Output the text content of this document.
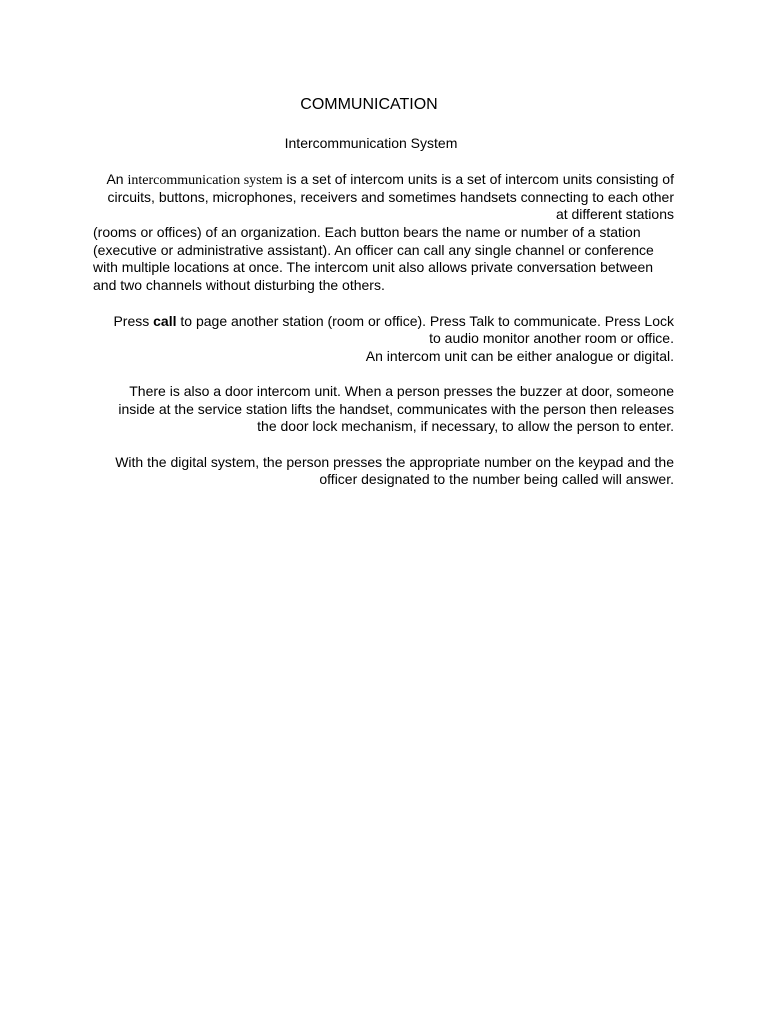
COMMUNICATION
Intercommunication System

An intercommunication system is a set of intercom units is a set of intercom units consisting of

circuits, buttons, microphones, receivers and sometimes handsets connecting to each other

at different stations

(rooms or offices) of an organization. Each button bears the name or number of a station

(executive or administrative assistant). An officer can call any single channel or conference

with multiple locations at once. The intercom unit also allows private conversation between

and two channels without disturbing the others.

Press call to page another station (room or office). Press Talk to communicate. Press Lock

to audio monitor another room or office.

An intercom unit can be either analogue or digital.

There is also a door intercom unit. When a person presses the buzzer at door, someone

inside at the service station lifts the handset, communicates with the person then releases

the door lock mechanism, if necessary, to allow the person to enter.

With the digital system, the person presses the appropriate number on the keypad and the

officer designated to the number being called will answer.
